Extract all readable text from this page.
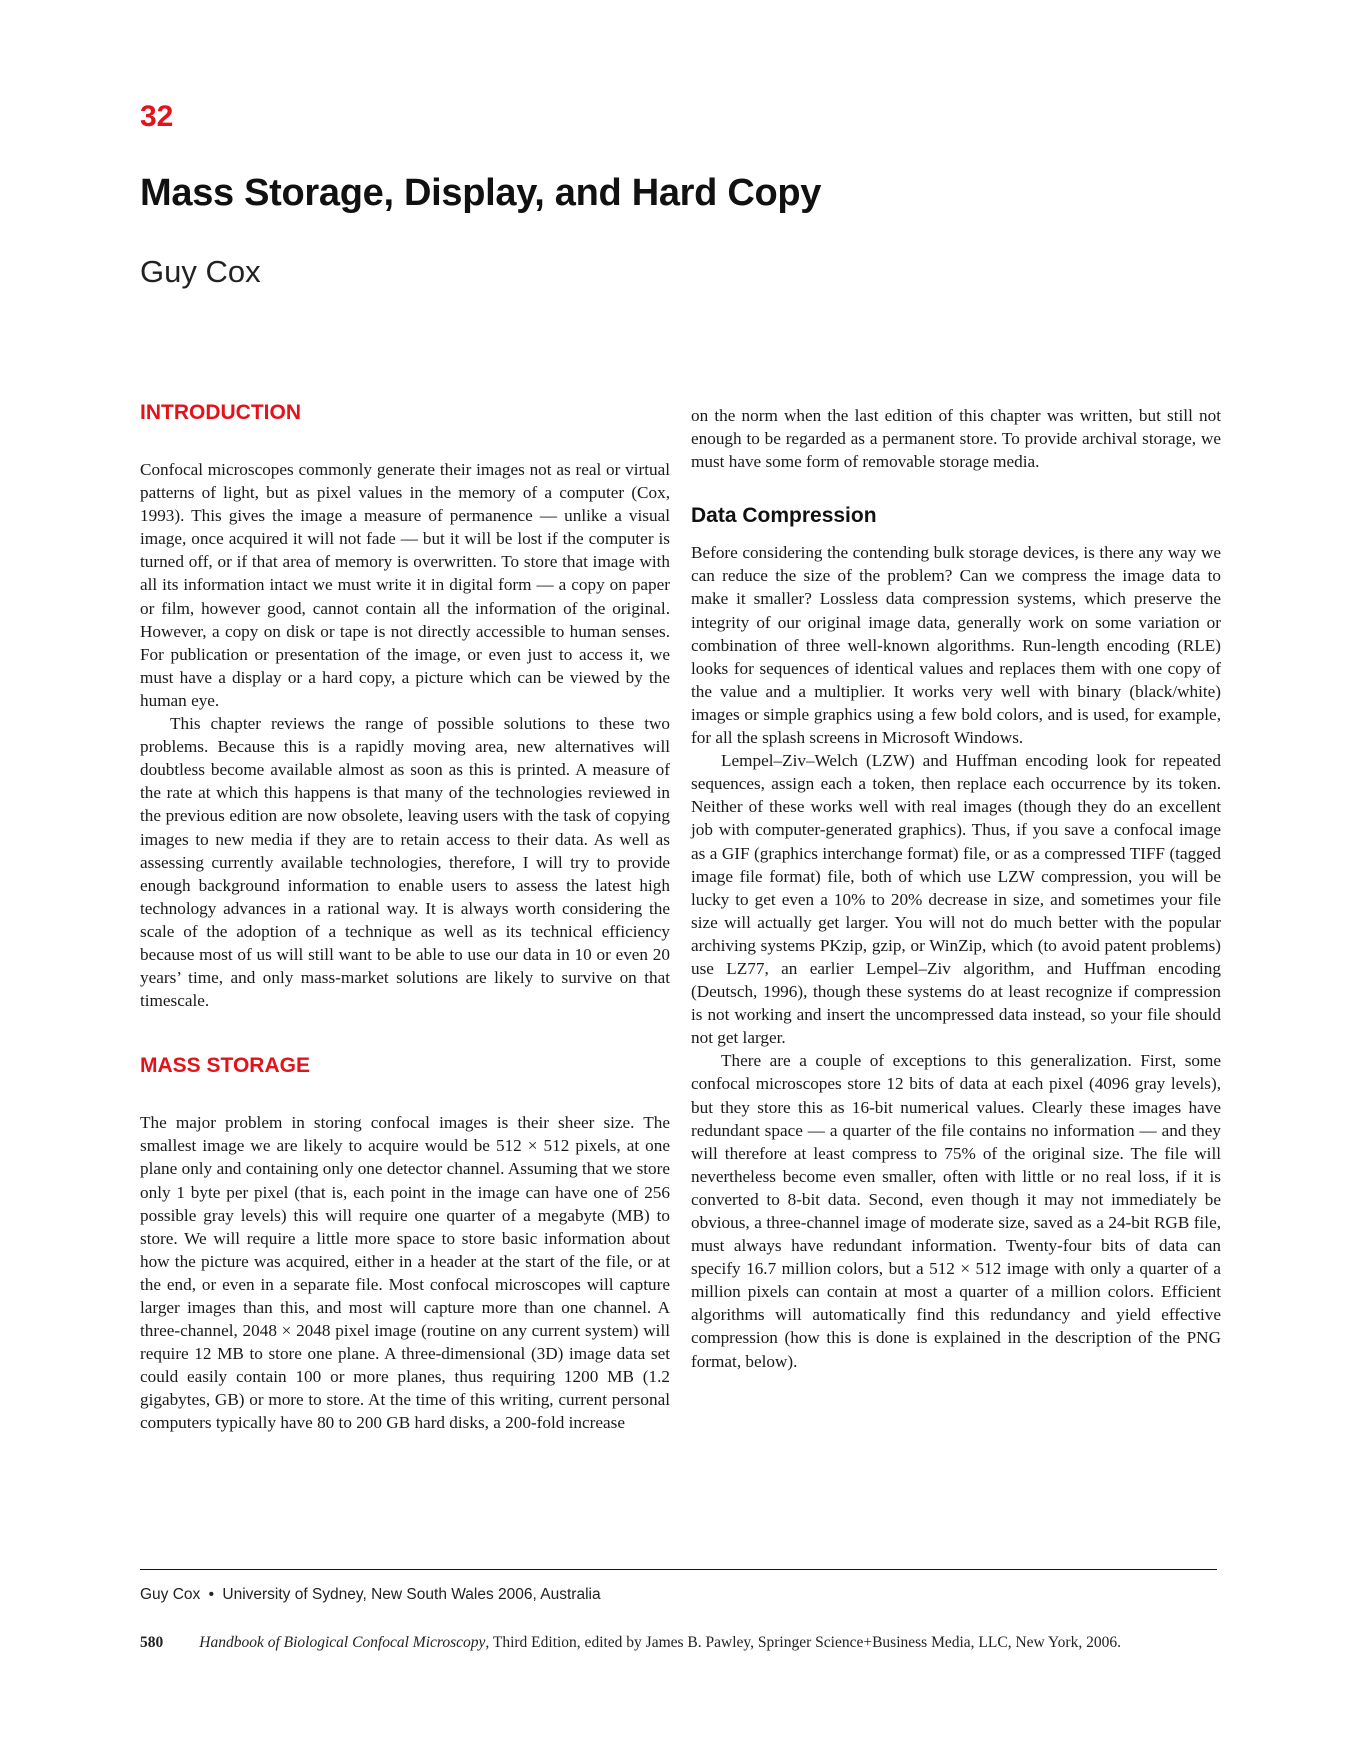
32
Mass Storage, Display, and Hard Copy
Guy Cox
INTRODUCTION

Confocal microscopes commonly generate their images not as real or virtual patterns of light, but as pixel values in the memory of a computer (Cox, 1993). This gives the image a measure of permanence — unlike a visual image, once acquired it will not fade — but it will be lost if the computer is turned off, or if that area of memory is overwritten. To store that image with all its information intact we must write it in digital form — a copy on paper or film, however good, cannot contain all the information of the original. However, a copy on disk or tape is not directly accessible to human senses. For publication or presentation of the image, or even just to access it, we must have a display or a hard copy, a picture which can be viewed by the human eye.

This chapter reviews the range of possible solutions to these two problems. Because this is a rapidly moving area, new alternatives will doubtless become available almost as soon as this is printed. A measure of the rate at which this happens is that many of the technologies reviewed in the previous edition are now obsolete, leaving users with the task of copying images to new media if they are to retain access to their data. As well as assessing currently available technologies, therefore, I will try to provide enough background information to enable users to assess the latest high technology advances in a rational way. It is always worth considering the scale of the adoption of a technique as well as its technical efficiency because most of us will still want to be able to use our data in 10 or even 20 years’ time, and only mass-market solutions are likely to survive on that timescale.

MASS STORAGE

The major problem in storing confocal images is their sheer size. The smallest image we are likely to acquire would be 512 × 512 pixels, at one plane only and containing only one detector channel. Assuming that we store only 1 byte per pixel (that is, each point in the image can have one of 256 possible gray levels) this will require one quarter of a megabyte (MB) to store. We will require a little more space to store basic information about how the picture was acquired, either in a header at the start of the file, or at the end, or even in a separate file. Most confocal microscopes will capture larger images than this, and most will capture more than one channel. A three-channel, 2048 × 2048 pixel image (routine on any current system) will require 12 MB to store one plane. A three-dimensional (3D) image data set could easily contain 100 or more planes, thus requiring 1200 MB (1.2 gigabytes, GB) or more to store. At the time of this writing, current personal computers typically have 80 to 200 GB hard disks, a 200-fold increase

on the norm when the last edition of this chapter was written, but still not enough to be regarded as a permanent store. To provide archival storage, we must have some form of removable storage media.

Data Compression

Before considering the contending bulk storage devices, is there any way we can reduce the size of the problem? Can we compress the image data to make it smaller? Lossless data compression systems, which preserve the integrity of our original image data, generally work on some variation or combination of three well-known algorithms. Run-length encoding (RLE) looks for sequences of identical values and replaces them with one copy of the value and a multiplier. It works very well with binary (black/white) images or simple graphics using a few bold colors, and is used, for example, for all the splash screens in Microsoft Windows.

Lempel–Ziv–Welch (LZW) and Huffman encoding look for repeated sequences, assign each a token, then replace each occurrence by its token. Neither of these works well with real images (though they do an excellent job with computer-generated graphics). Thus, if you save a confocal image as a GIF (graphics interchange format) file, or as a compressed TIFF (tagged image file format) file, both of which use LZW compression, you will be lucky to get even a 10% to 20% decrease in size, and sometimes your file size will actually get larger. You will not do much better with the popular archiving systems PKzip, gzip, or WinZip, which (to avoid patent problems) use LZ77, an earlier Lempel–Ziv algorithm, and Huffman encoding (Deutsch, 1996), though these systems do at least recognize if compression is not working and insert the uncompressed data instead, so your file should not get larger.

There are a couple of exceptions to this generalization. First, some confocal microscopes store 12 bits of data at each pixel (4096 gray levels), but they store this as 16-bit numerical values. Clearly these images have redundant space — a quarter of the file contains no information — and they will therefore at least compress to 75% of the original size. The file will nevertheless become even smaller, often with little or no real loss, if it is converted to 8-bit data. Second, even though it may not immediately be obvious, a three-channel image of moderate size, saved as a 24-bit RGB file, must always have redundant information. Twenty-four bits of data can specify 16.7 million colors, but a 512 × 512 image with only a quarter of a million pixels can contain at most a quarter of a million colors. Efficient algorithms will automatically find this redundancy and yield effective compression (how this is done is explained in the description of the PNG format, below).

Guy Cox • University of Sydney, New South Wales 2006, Australia
580 Handbook of Biological Confocal Microscopy, Third Edition, edited by James B. Pawley, Springer Science+Business Media, LLC, New York, 2006.
